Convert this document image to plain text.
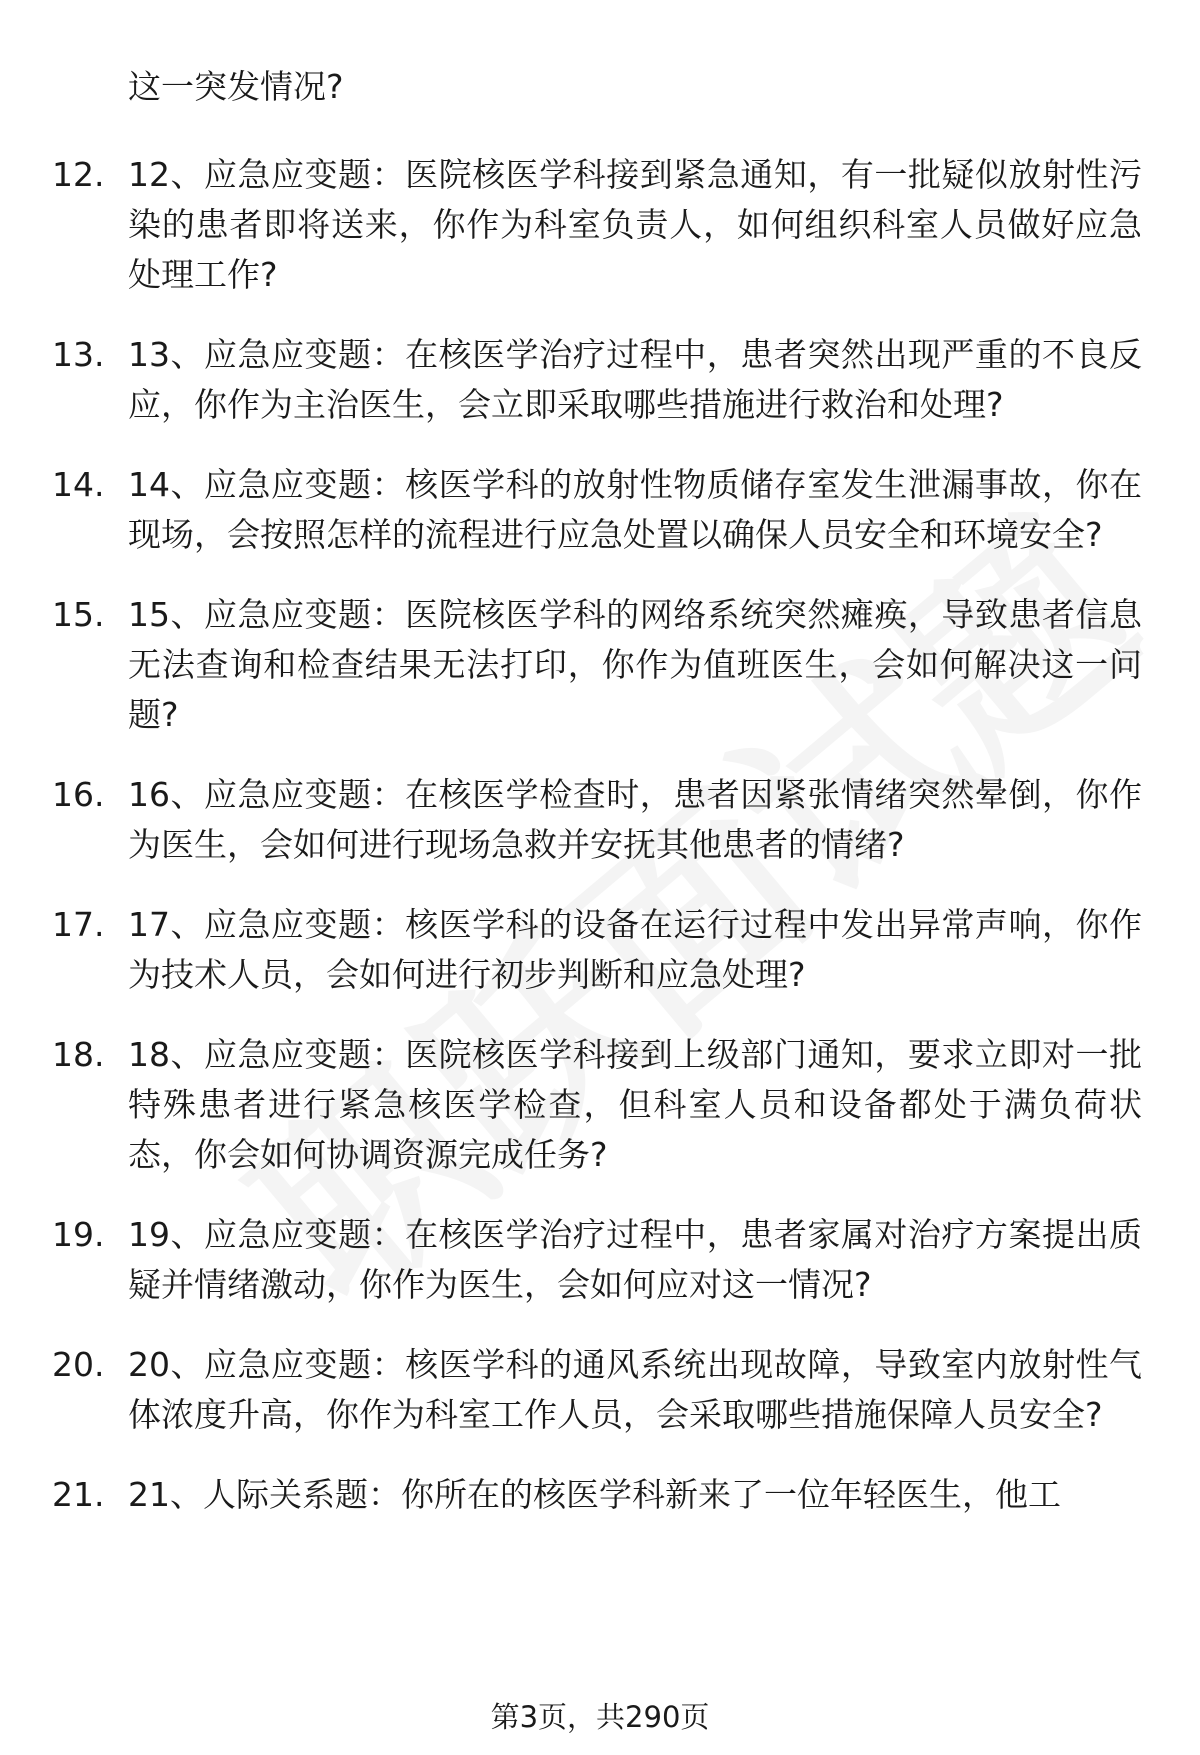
这一突发情况?

12. 12、应急应变题：医院核医学科接到紧急通知，有一批疑似放射性污染的患者即将送来，你作为科室负责人，如何组织科室人员做好应急处理工作?
13. 13、应急应变题：在核医学治疗过程中，患者突然出现严重的不良反应，你作为主治医生，会立即采取哪些措施进行救治和处理?
14. 14、应急应变题：核医学科的放射性物质储存室发生泄漏事故，你在现场，会按照怎样的流程进行应急处置以确保人员安全和环境安全?
15. 15、应急应变题：医院核医学科的网络系统突然瘫痪，导致患者信息无法查询和检查结果无法打印，你作为值班医生，会如何解决这一问题?
16. 16、应急应变题：在核医学检查时，患者因紧张情绪突然晕倒，你作为医生，会如何进行现场急救并安抚其他患者的情绪?
17. 17、应急应变题：核医学科的设备在运行过程中发出异常声响，你作为技术人员，会如何进行初步判断和应急处理?
18. 18、应急应变题：医院核医学科接到上级部门通知，要求立即对一批特殊患者进行紧急核医学检查，但科室人员和设备都处于满负荷状态，你会如何协调资源完成任务?
19. 19、应急应变题：在核医学治疗过程中，患者家属对治疗方案提出质疑并情绪激动，你作为医生，会如何应对这一情况?
20. 20、应急应变题：核医学科的通风系统出现故障，导致室内放射性气体浓度升高，你作为科室工作人员，会采取哪些措施保障人员安全?
21. 21、人际关系题：你所在的核医学科新来了一位年轻医生，他工
第3页，共290页
